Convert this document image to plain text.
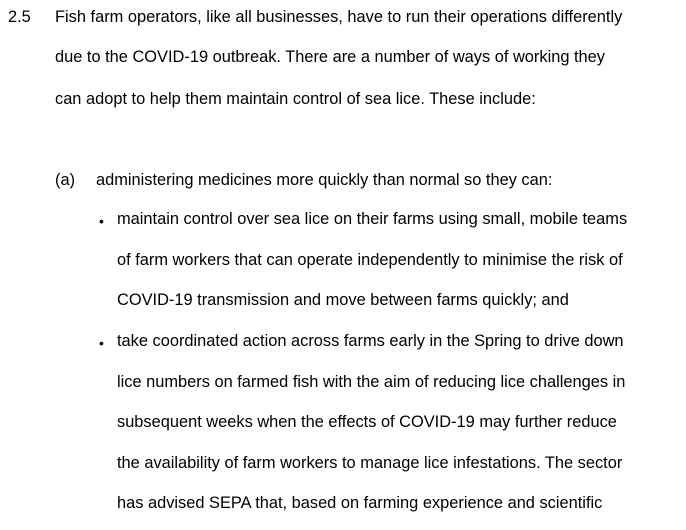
2.5 Fish farm operators, like all businesses, have to run their operations differently
due to the COVID-19 outbreak. There are a number of ways of working they
can adopt to help them maintain control of sea lice. These include:
(a) administering medicines more quickly than normal so they can:
• maintain control over sea lice on their farms using small, mobile teams
of farm workers that can operate independently to minimise the risk of
COVID-19 transmission and move between farms quickly; and
• take coordinated action across farms early in the Spring to drive down
lice numbers on farmed fish with the aim of reducing lice challenges in
subsequent weeks when the effects of COVID-19 may further reduce
the availability of farm workers to manage lice infestations. The sector
has advised SEPA that, based on farming experience and scientific
